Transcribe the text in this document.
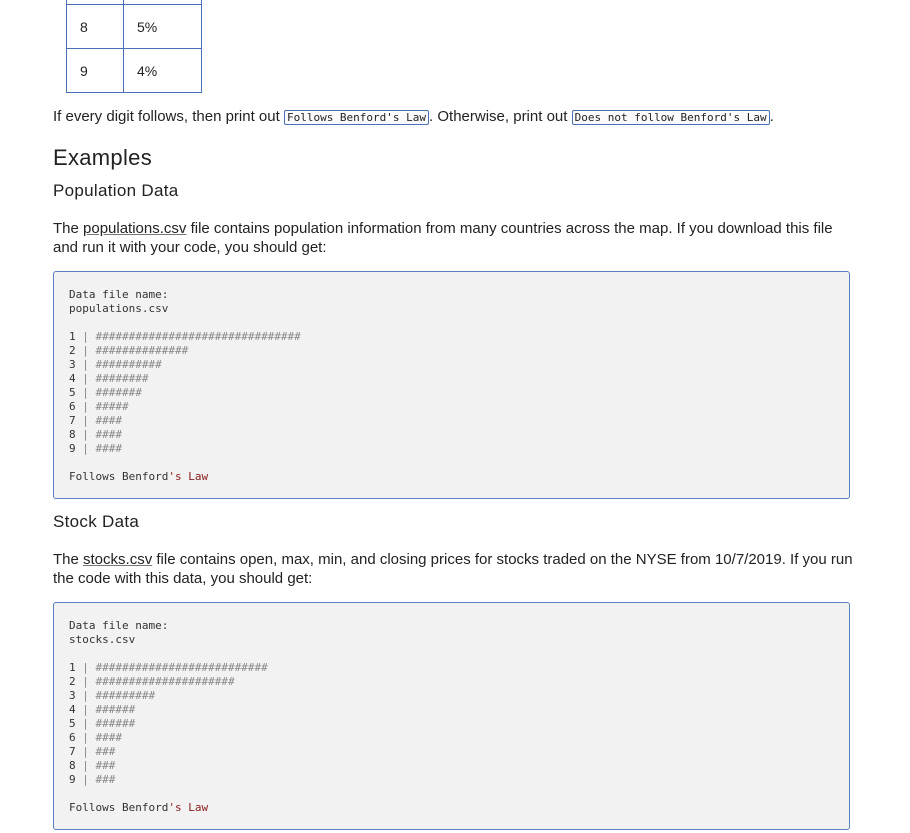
8	5%
9	4%

If every digit follows, then print out Follows Benford's Law . Otherwise, print out Does not follow Benford's Law .

Examples
Population Data

The populations.csv file contains population information from many countries across the map. If you download this file and run it with your code, you should get:

Data file name:
populations.csv
1 | ###############################
2 | ##############
3 | ##########
4 | ########
5 | #######
6 | #####
7 | ####
8 | ####
9 | ####
Follows Benford's Law
Stock Data

The stocks.csv file contains open, max, min, and closing prices for stocks traded on the NYSE from 10/7/2019. If you run the code with this data, you should get:

Data file name:
stocks.csv
1 | ##########################
2 | #####################
3 | #########
4 | ######
5 | ######
6 | ####
7 | ###
8 | ###
9 | ###
Follows Benford's Law
